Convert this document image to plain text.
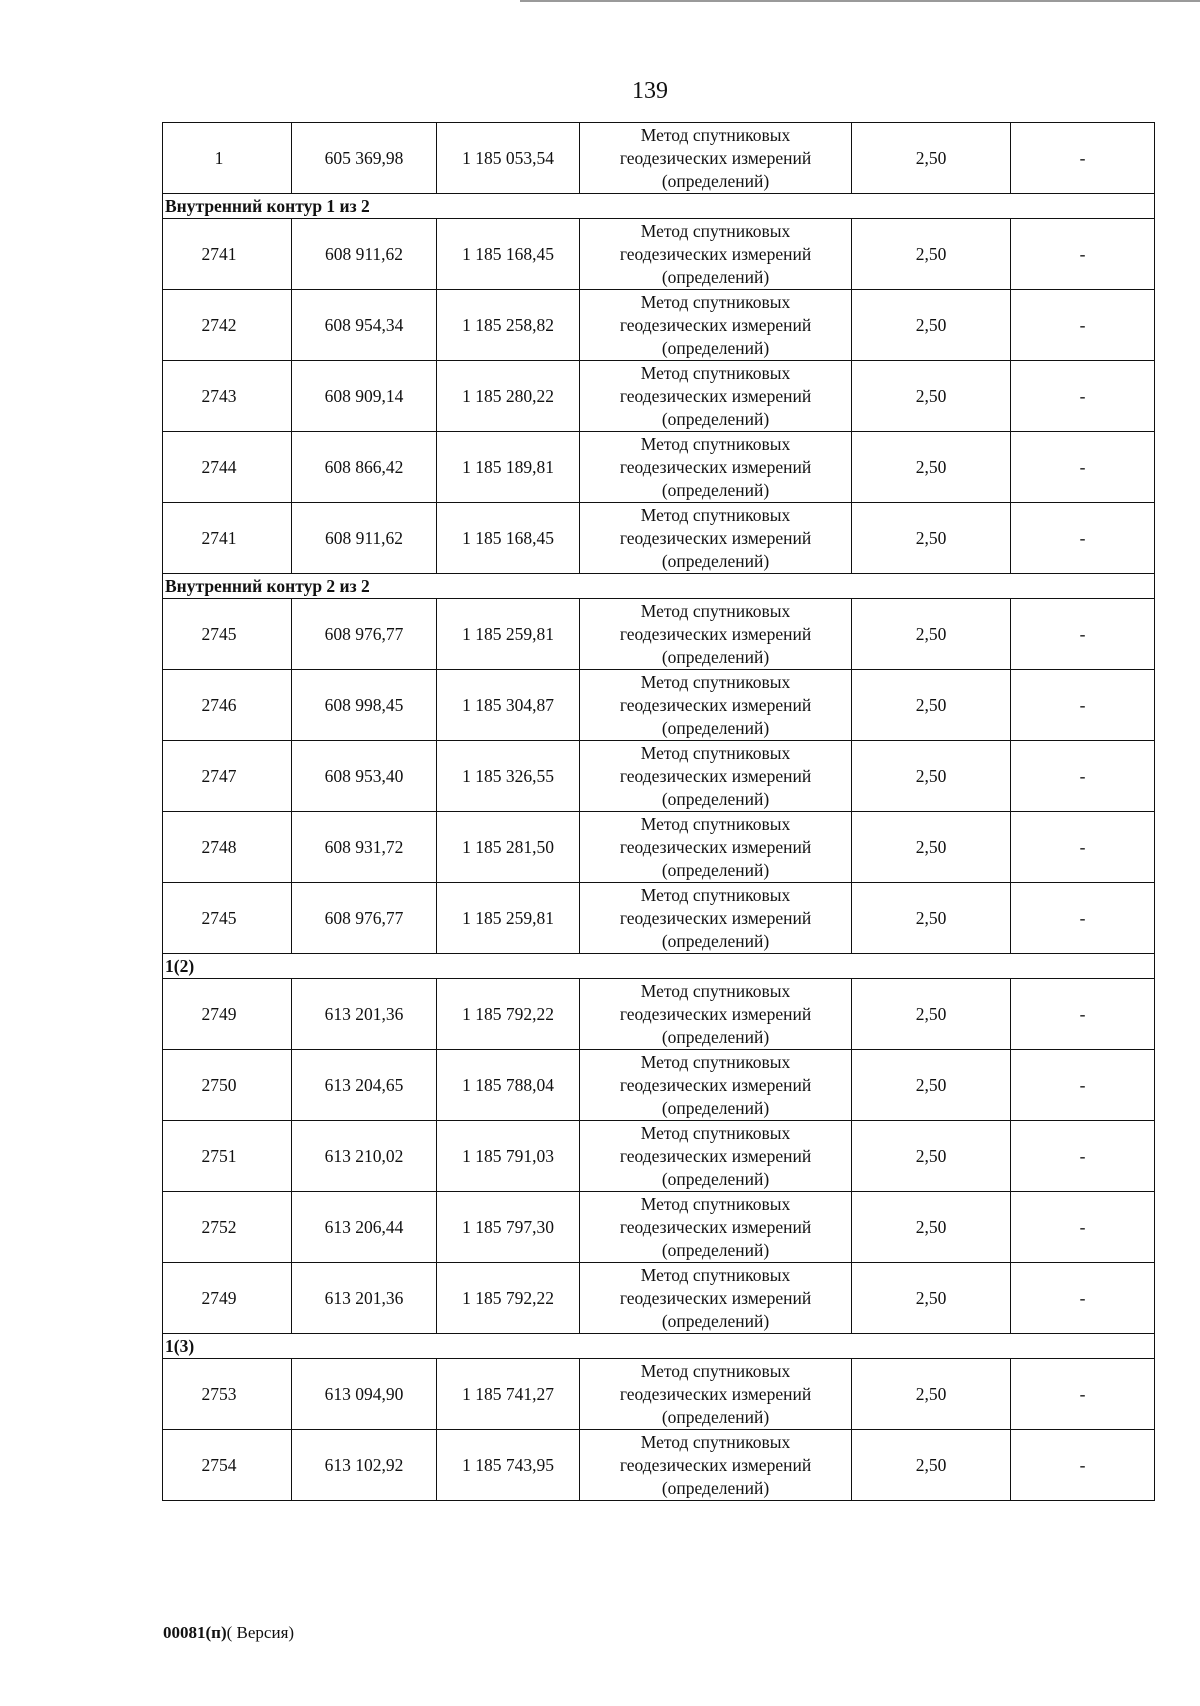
139
1	605 369,98	1 185 053,54	Метод спутниковых
геодезических измерений
(определений)	2,50	-
Внутренний контур 1 из 2					
2741	608 911,62	1 185 168,45	Метод спутниковых
геодезических измерений
(определений)	2,50	-
2742	608 954,34	1 185 258,82	Метод спутниковых
геодезических измерений
(определений)	2,50	-
2743	608 909,14	1 185 280,22	Метод спутниковых
геодезических измерений
(определений)	2,50	-
2744	608 866,42	1 185 189,81	Метод спутниковых
геодезических измерений
(определений)	2,50	-
2741	608 911,62	1 185 168,45	Метод спутниковых
геодезических измерений
(определений)	2,50	-
Внутренний контур 2 из 2					
2745	608 976,77	1 185 259,81	Метод спутниковых
геодезических измерений
(определений)	2,50	-
2746	608 998,45	1 185 304,87	Метод спутниковых
геодезических измерений
(определений)	2,50	-
2747	608 953,40	1 185 326,55	Метод спутниковых
геодезических измерений
(определений)	2,50	-
2748	608 931,72	1 185 281,50	Метод спутниковых
геодезических измерений
(определений)	2,50	-
2745	608 976,77	1 185 259,81	Метод спутниковых
геодезических измерений
(определений)	2,50	-
1(2)					
2749	613 201,36	1 185 792,22	Метод спутниковых
геодезических измерений
(определений)	2,50	-
2750	613 204,65	1 185 788,04	Метод спутниковых
геодезических измерений
(определений)	2,50	-
2751	613 210,02	1 185 791,03	Метод спутниковых
геодезических измерений
(определений)	2,50	-
2752	613 206,44	1 185 797,30	Метод спутниковых
геодезических измерений
(определений)	2,50	-
2749	613 201,36	1 185 792,22	Метод спутниковых
геодезических измерений
(определений)	2,50	-
1(3)					
2753	613 094,90	1 185 741,27	Метод спутниковых
геодезических измерений
(определений)	2,50	-
2754	613 102,92	1 185 743,95	Метод спутниковых
геодезических измерений
(определений)	2,50	-
00081(п)( Версия)
